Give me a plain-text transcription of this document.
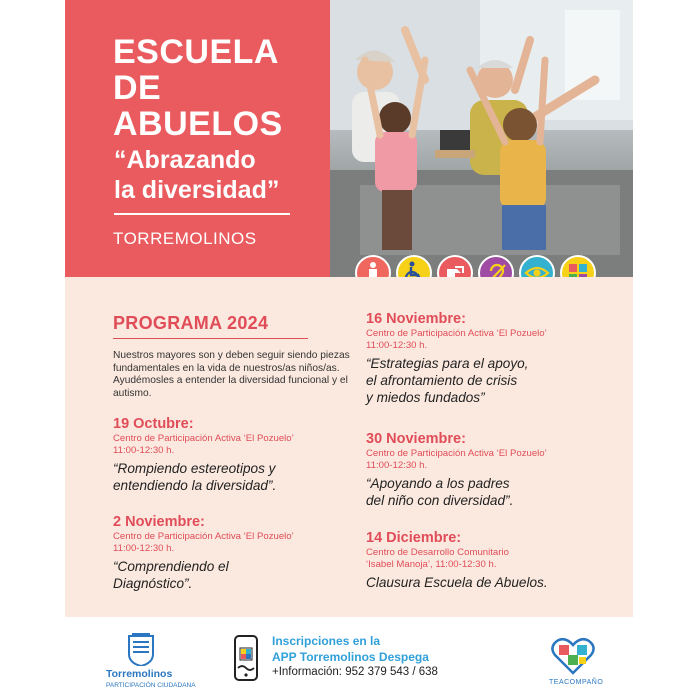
ESCUELA
DE
ABUELOS
“Abrazando
la diversidad”
TORREMOLINOS
PROGRAMA 2024

Nuestros mayores son y deben seguir siendo piezas fundamentales en la vida de nuestros/as niños/as. Ayudémosles a entender la diversidad funcional y el autismo.

19 Octubre:
Centro de Participación Activa ‘El Pozuelo’
11:00-12:30 h.
“Rompiendo estereotipos y
entendiendo la diversidad”.
2 Noviembre:
Centro de Participación Activa ‘El Pozuelo’
11:00-12:30 h.
“Comprendiendo el
Diagnóstico”.
16 Noviembre:
Centro de Participación Activa ‘El Pozuelo’
11:00-12:30 h.
“Estrategias para el apoyo,
el afrontamiento de crisis
y miedos fundados”
30 Noviembre:
Centro de Participación Activa ‘El Pozuelo’
11:00-12:30 h.
“Apoyando a los padres
del niño con diversidad”.
14 Diciembre:
Centro de Desarrollo Comunitario
‘Isabel Manoja’, 11:00-12:30 h.
Clausura Escuela de Abuelos.
Torremolinos
PARTICIPACIÓN CIUDADANA
Inscripciones en la
APP Torremolinos Despega
+Información: 952 379 543 / 638
TEACOMPAÑO
